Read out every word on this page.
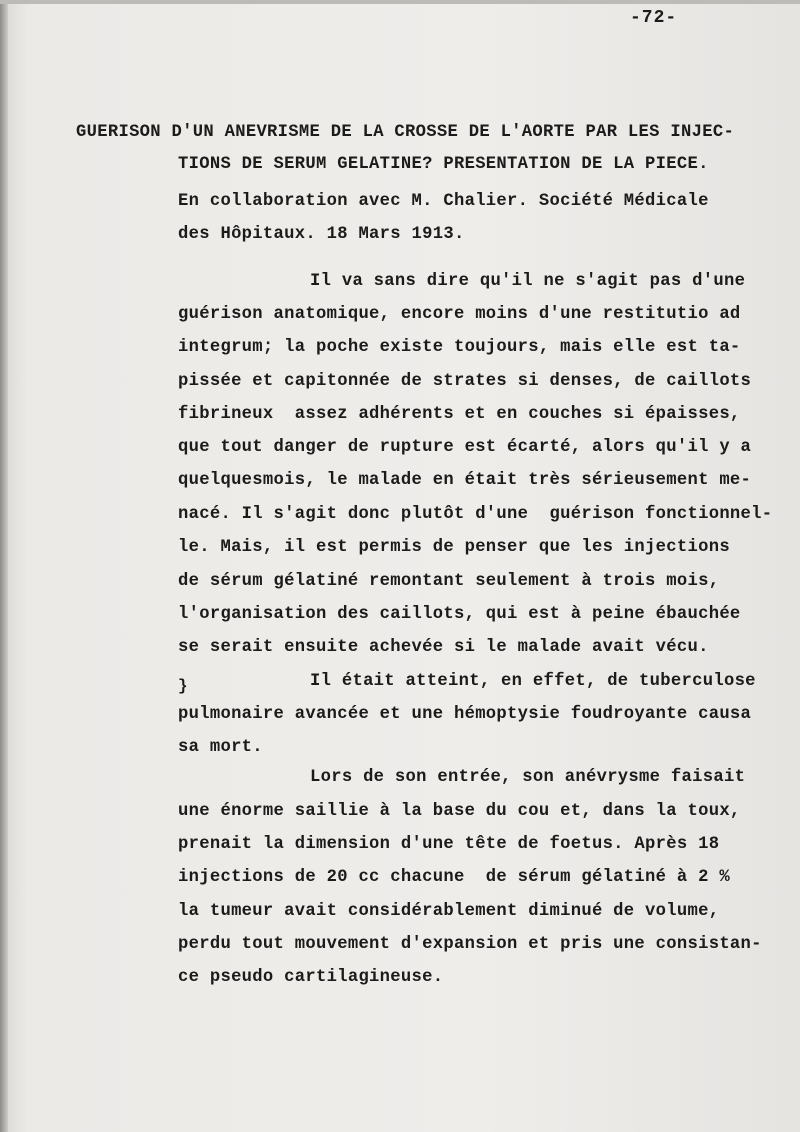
-72-
GUERISON D'UN ANEVRISME DE LA CROSSE DE L'AORTE PAR LES INJEC-
TIONS DE SERUM GELATINE? PRESENTATION DE LA PIECE.
En collaboration avec M. Chalier. Société Médicale
des Hôpitaux. 18 Mars 1913.
Il va sans dire qu'il ne s'agit pas d'une
guérison anatomique, encore moins d'une restitutio ad
integrum; la poche existe toujours, mais elle est ta-
pissée et capitonnée de strates si denses, de caillots
fibrineux  assez adhérents et en couches si épaisses,
que tout danger de rupture est écarté, alors qu'il y a
quelquesmois, le malade en était très sérieusement me-
nacé. Il s'agit donc plutôt d'une  guérison fonctionnel-
le. Mais, il est permis de penser que les injections
de sérum gélatiné remontant seulement à trois mois,
l'organisation des caillots, qui est à peine ébauchée
se serait ensuite achevée si le malade avait vécu.
}	Il était atteint, en effet, de tuberculose
pulmonaire avancée et une hémoptysie foudroyante causa
sa mort.
Lors de son entrée, son anévrysme faisait
une énorme saillie à la base du cou et, dans la toux,
prenait la dimension d'une tête de foetus. Après 18
injections de 20 cc chacune  de sérum gélatiné à 2 %
la tumeur avait considérablement diminué de volume,
perdu tout mouvement d'expansion et pris une consistan-
ce pseudo cartilagineuse.
